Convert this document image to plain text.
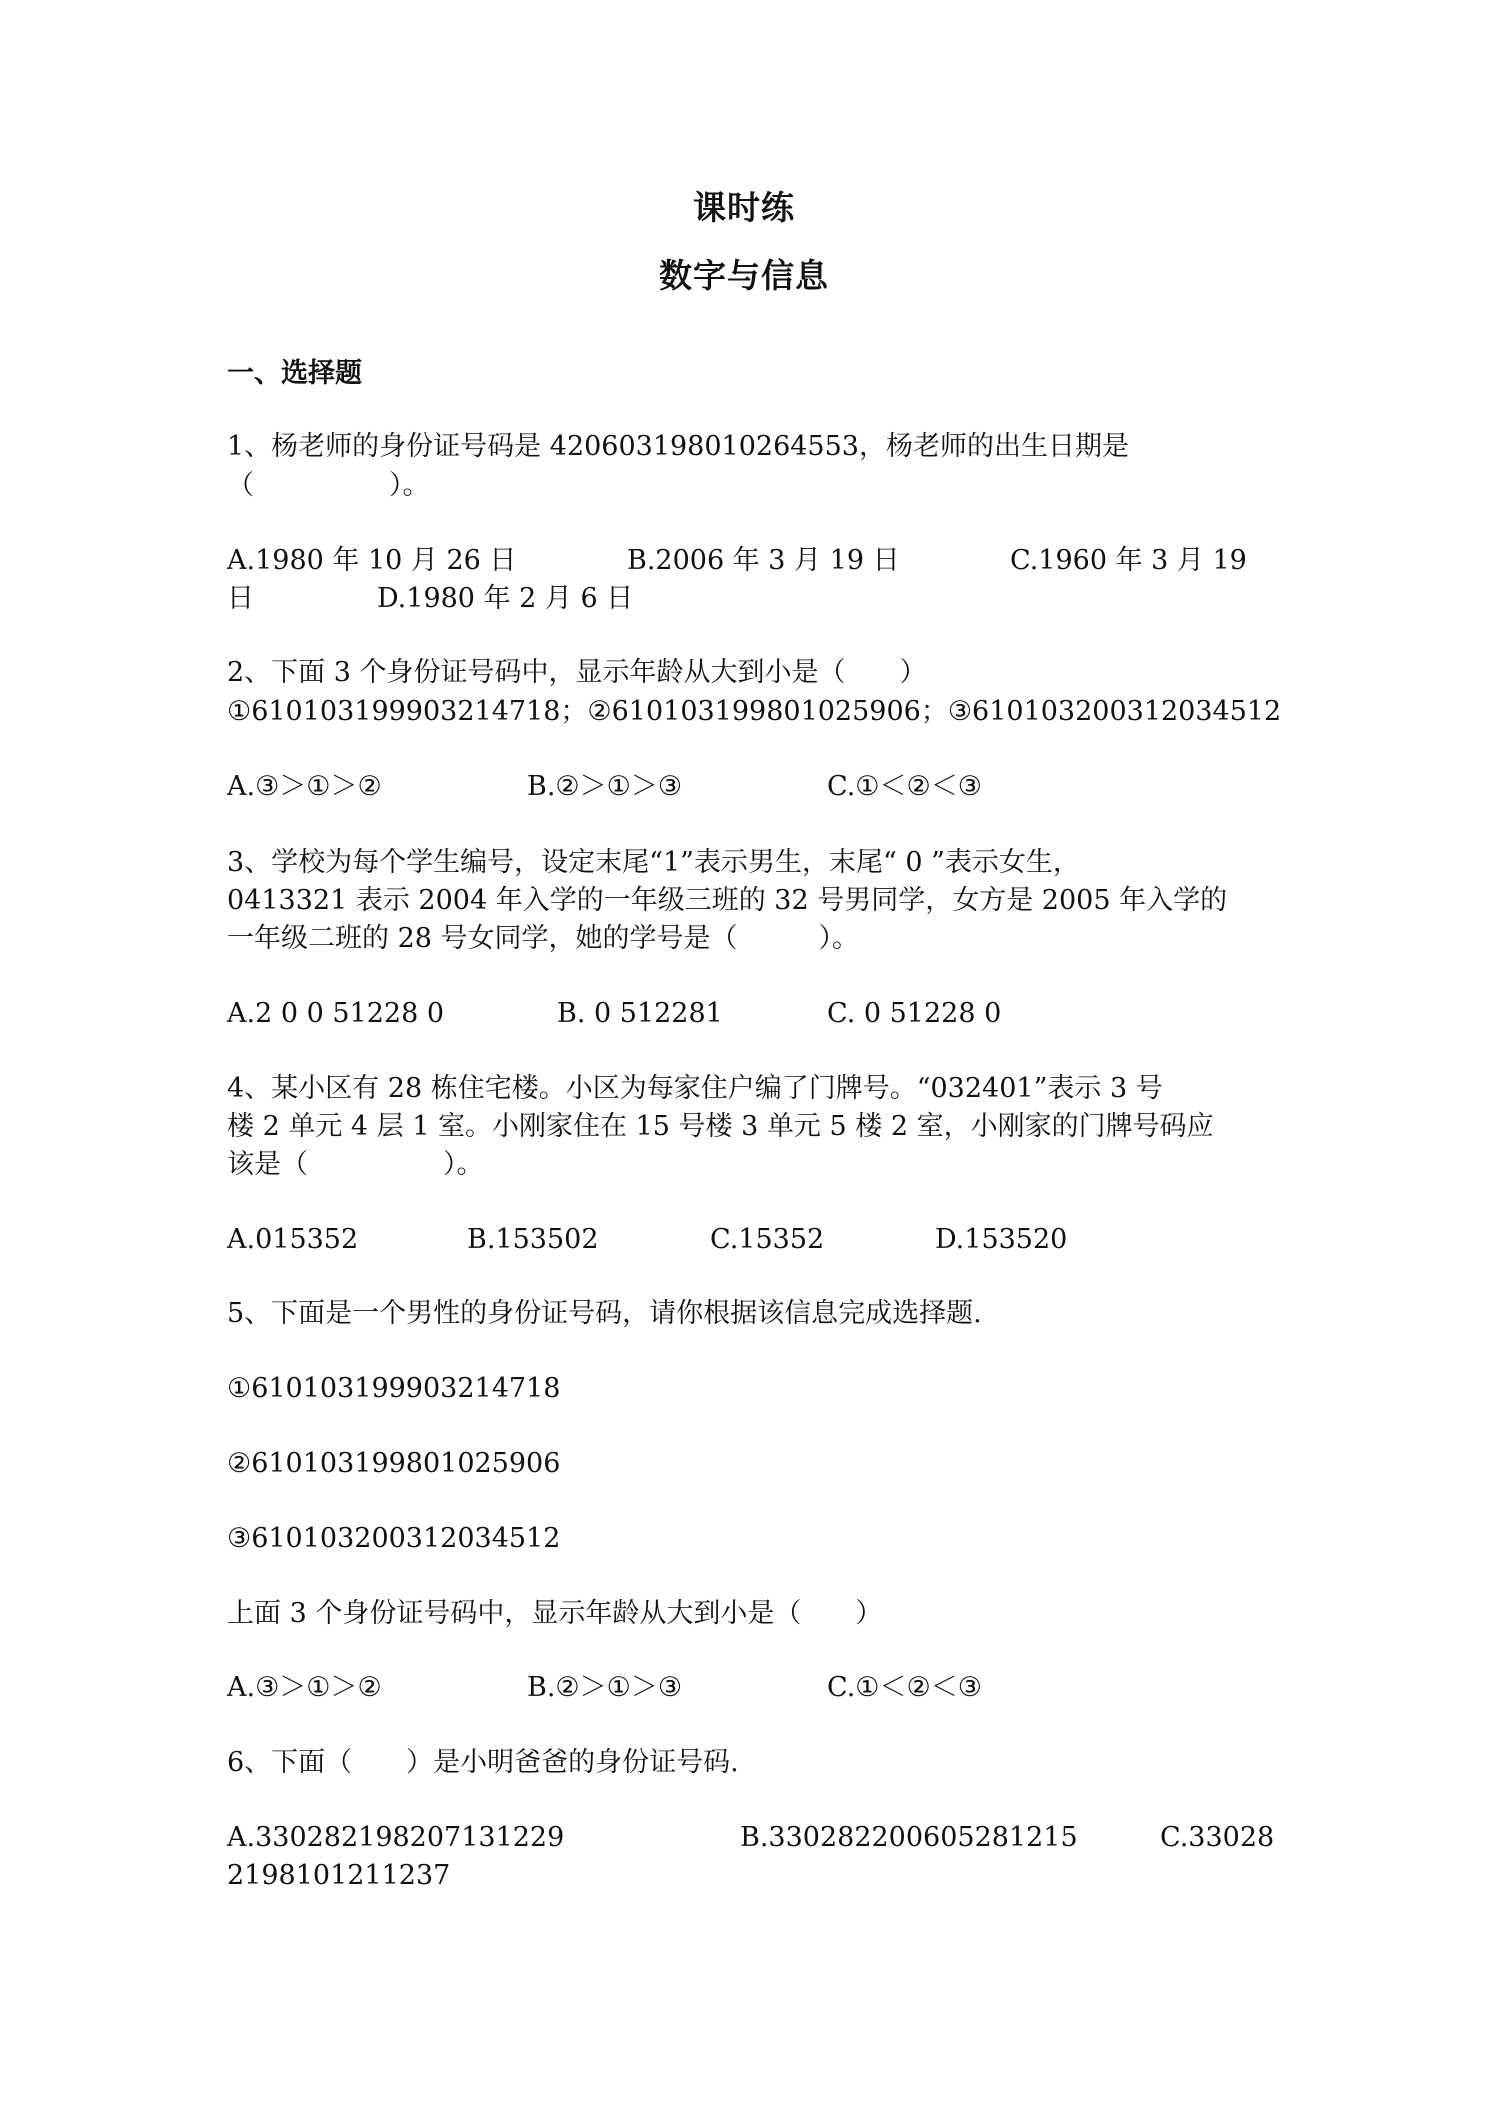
课时练
数字与信息
一、选择题
1、杨老师的身份证号码是 420603198010264553，杨老师的出生日期是
（　　　　　）。
A.1980 年 10 月 26 日	B.2006 年 3 月 19 日	C.1960 年 3 月 19
日	D.1980 年 2 月 6 日
2、下面 3 个身份证号码中，显示年龄从大到小是（　　）
①610103199903214718；②610103199801025906；③610103200312034512
A.③＞①＞②	B.②＞①＞③	C.①＜②＜③
3、学校为每个学生编号，设定末尾“1”表示男生，末尾“ 0 ”表示女生，
0413321 表示 2004 年入学的一年级三班的 32 号男同学，女方是 2005 年入学的
一年级二班的 28 号女同学，她的学号是（　　　）。
A.2 0 0 51228 0	B. 0 512281	C. 0 51228 0
4、某小区有 28 栋住宅楼。小区为每家住户编了门牌号。“032401”表示 3 号
楼 2 单元 4 层 1 室。小刚家住在 15 号楼 3 单元 5 楼 2 室，小刚家的门牌号码应
该是（　　　　　）。
A.015352	B.153502	C.15352	D.153520
5、下面是一个男性的身份证号码，请你根据该信息完成选择题.
①610103199903214718
②610103199801025906
③610103200312034512
上面 3 个身份证号码中，显示年龄从大到小是（　　）
A.③＞①＞②	B.②＞①＞③	C.①＜②＜③
6、下面（　　）是小明爸爸的身份证号码.
A.330282198207131229	B.330282200605281215	C.33028
2198101211237
